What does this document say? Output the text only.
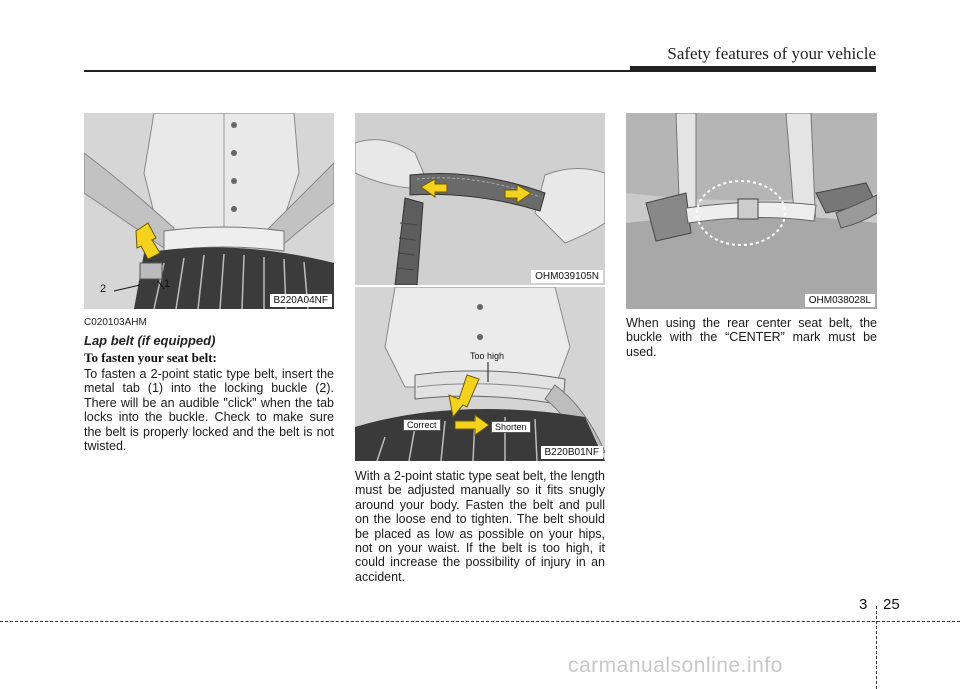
Safety features of your vehicle
2	1
B220A04NF
C020103AHM
Lap belt (if equipped)
To fasten your seat belt:
To fasten a 2-point static type belt, insert the metal tab (1) into the locking buckle (2). There will be an audible "click" when the tab locks into the buckle. Check to make sure the belt is properly locked and the belt is not twisted.
OHM039105N
Too high
Correct	Shorten
B220B01NF
With a 2-point static type seat belt, the length must be adjusted manually so it fits snugly around your body. Fasten the belt and pull on the loose end to tighten. The belt should be placed as low as possible on your hips, not on your waist. If the belt is too high, it could increase the possibility of injury in an accident.
OHM038028L
When using the rear center seat belt, the buckle with the “CENTER” mark must be used.
3 25
carmanualsonline.info
